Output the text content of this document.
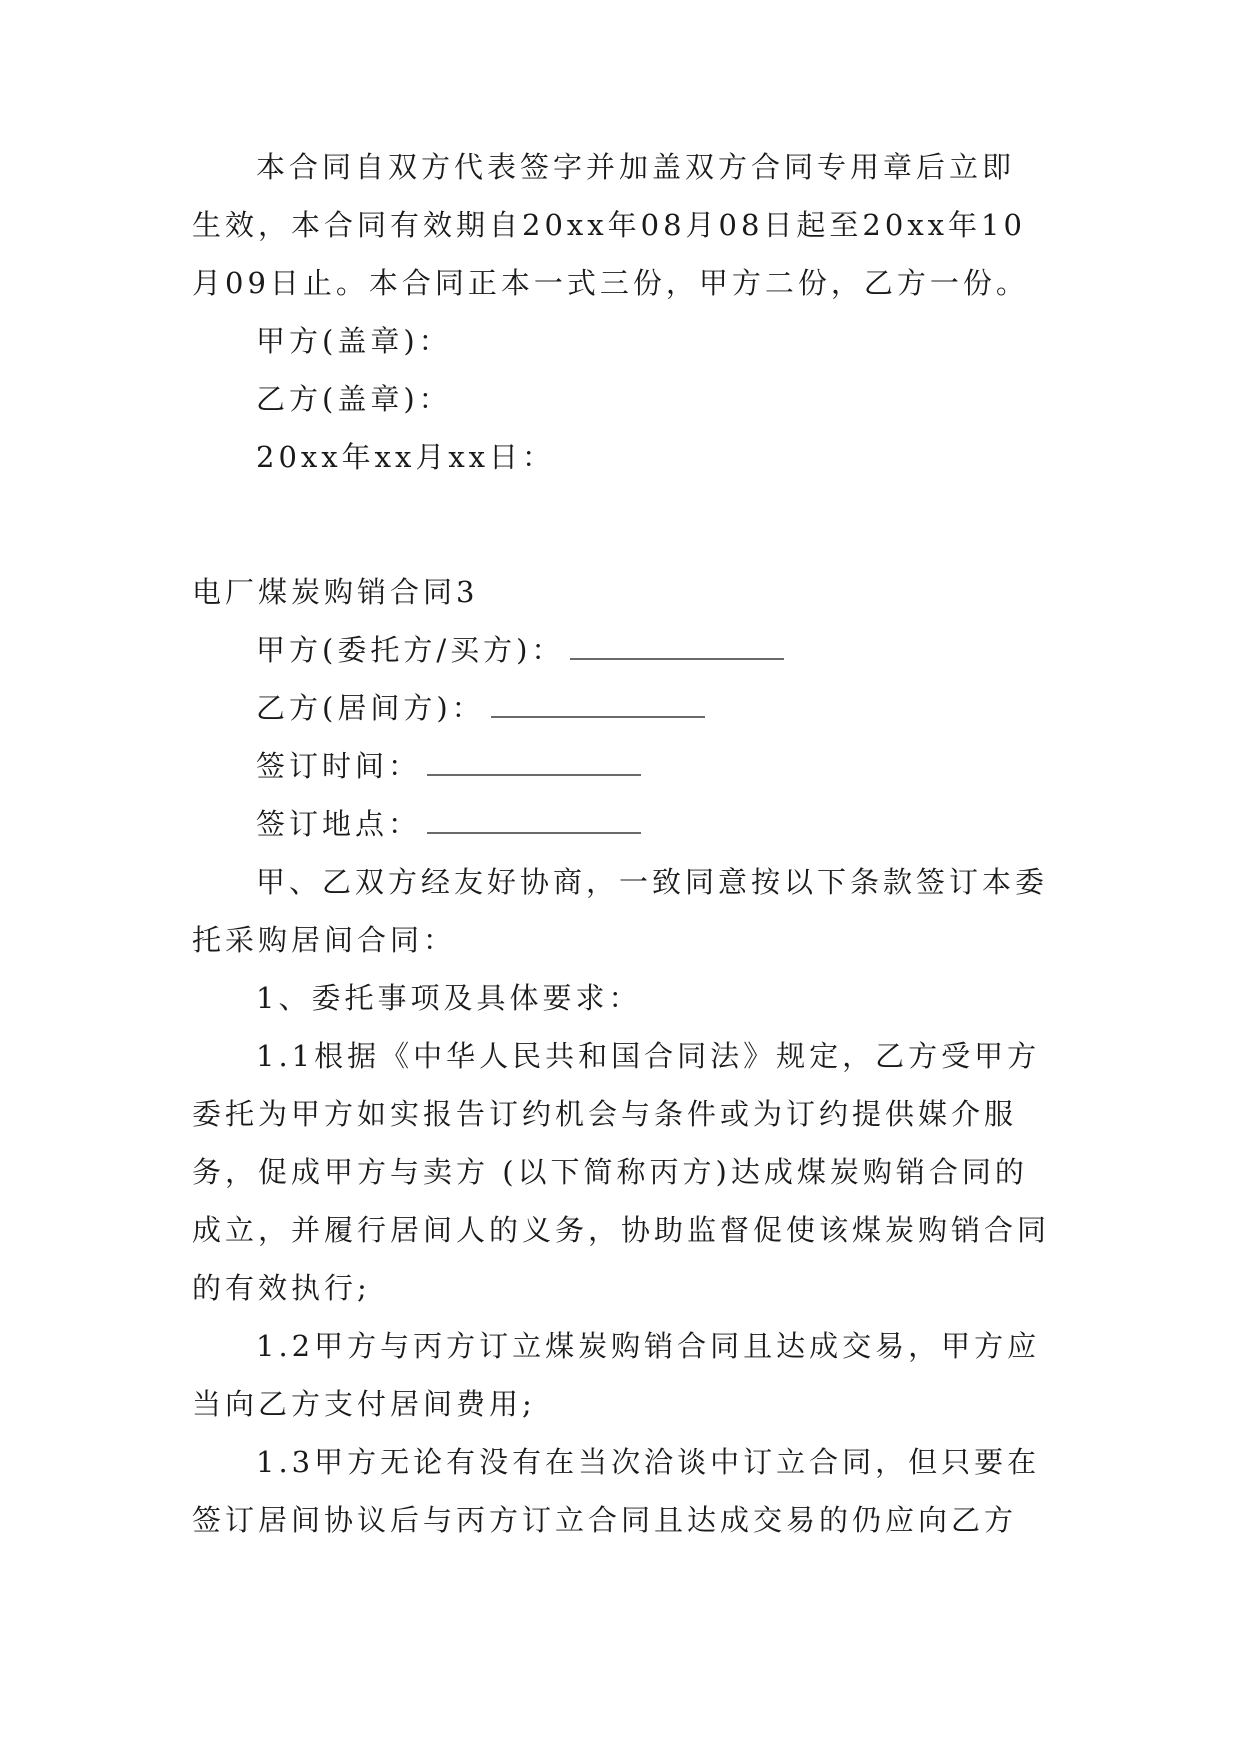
本合同自双方代表签字并加盖双方合同专用章后立即
生效，本合同有效期自20xx年08月08日起至20xx年10
月09日止。本合同正本一式三份，甲方二份，乙方一份。
甲方(盖章)：
乙方(盖章)：
20xx年xx月xx日：
电厂煤炭购销合同3
甲方(委托方/买方)：
乙方(居间方)：
签订时间：
签订地点：
甲、乙双方经友好协商，一致同意按以下条款签订本委
托采购居间合同：
1、委托事项及具体要求：
1.1根据《中华人民共和国合同法》规定，乙方受甲方
委托为甲方如实报告订约机会与条件或为订约提供媒介服
务，促成甲方与卖方 (以下简称丙方)达成煤炭购销合同的
成立，并履行居间人的义务，协助监督促使该煤炭购销合同
的有效执行;
1.2甲方与丙方订立煤炭购销合同且达成交易，甲方应
当向乙方支付居间费用;
1.3甲方无论有没有在当次洽谈中订立合同，但只要在
签订居间协议后与丙方订立合同且达成交易的仍应向乙方
